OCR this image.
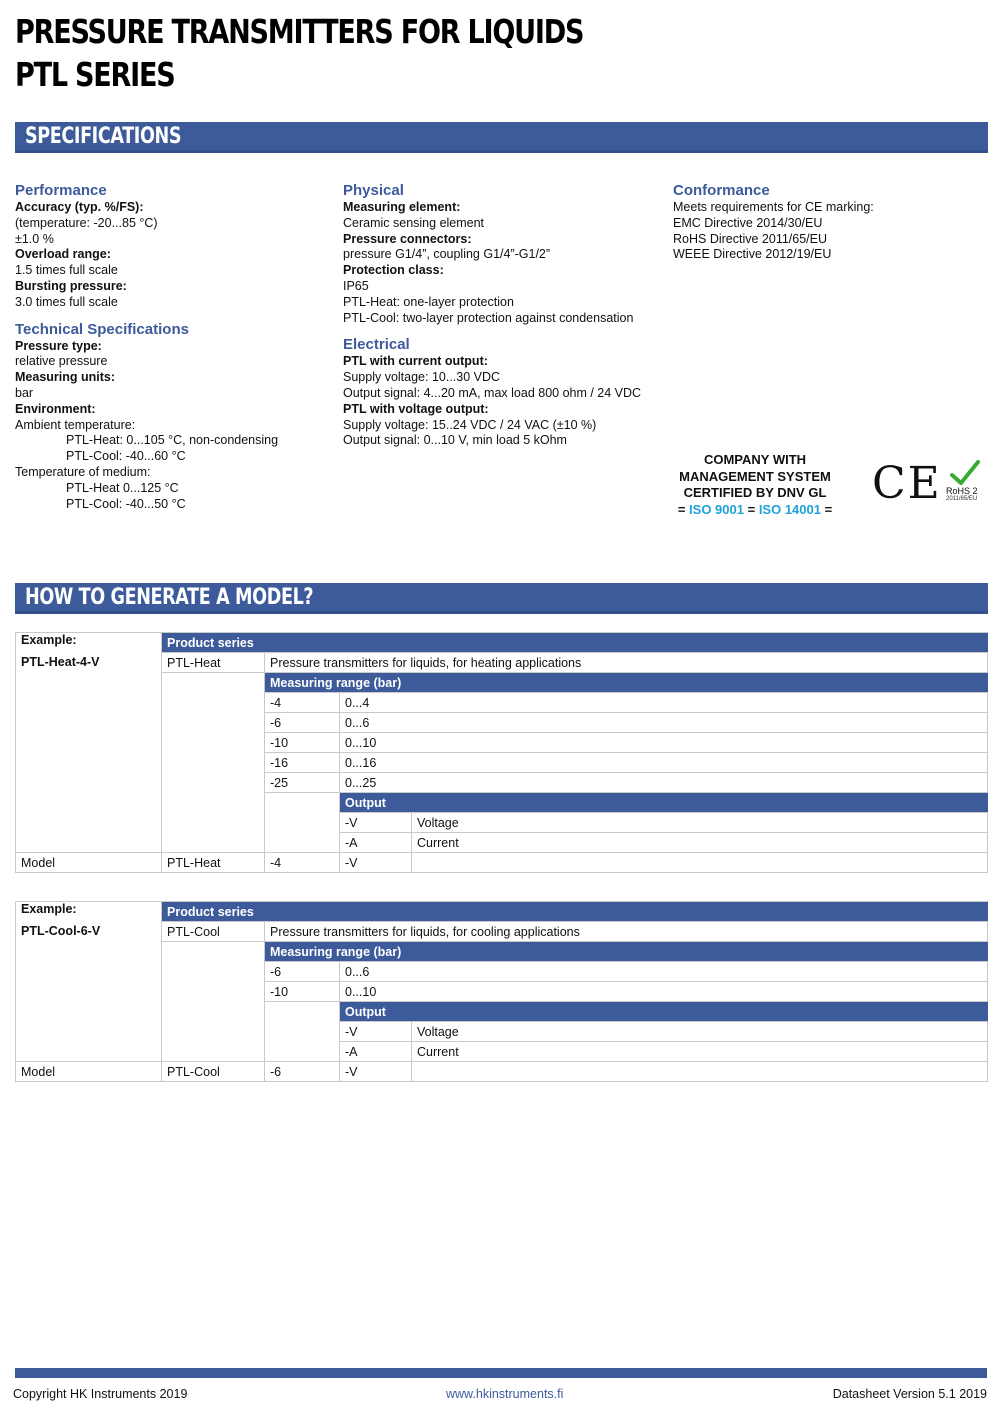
PRESSURE TRANSMITTERS FOR LIQUIDS
PTL SERIES
SPECIFICATIONS
Performance
Accuracy (typ. %/FS):
(temperature: -20...85 °C)
±1.0 %
Overload range:
1.5 times full scale
Bursting pressure:
3.0 times full scale
Technical Specifications
Pressure type:
relative pressure
Measuring units:
bar
Environment:
Ambient temperature:
PTL-Heat: 0...105 °C, non-condensing
PTL-Cool: -40...60 °C
Temperature of medium:
PTL-Heat 0...125 °C
PTL-Cool: -40...50 °C
Physical
Measuring element:
Ceramic sensing element
Pressure connectors:
pressure G1/4”, coupling G1/4”-G1/2”
Protection class:
IP65
PTL-Heat: one-layer protection
PTL-Cool: two-layer protection against condensation
Electrical
PTL with current output:
Supply voltage: 10...30 VDC
Output signal: 4...20 mA, max load 800 ohm / 24 VDC
PTL with voltage output:
Supply voltage: 15..24 VDC / 24 VAC (±10 %)
Output signal: 0...10 V, min load 5 kOhm
Conformance
Meets requirements for CE marking:
EMC Directive 2014/30/EU
RoHS Directive 2011/65/EU
WEEE Directive 2012/19/EU
COMPANY WITH
MANAGEMENT SYSTEM
CERTIFIED BY DNV GL
= ISO 9001 = ISO 14001 = CE RoHS 2
2011/65/EU
HOW TO GENERATE A MODEL?
Example:	Product series			
PTL-Heat-4-V	PTL-Heat	Pressure transmitters for liquids, for heating applications		
		Measuring range (bar)		
		-4	0...4	
		-6	0...6	
		-10	0...10	
		-16	0...16	
		-25	0...25	
			Output	
			-V	Voltage
			-A	Current
Model	PTL-Heat	-4	-V	
Example:	Product series			
PTL-Cool-6-V	PTL-Cool	Pressure transmitters for liquids, for cooling applications		
		Measuring range (bar)		
		-6	0...6	
		-10	0...10	
			Output	
			-V	Voltage
			-A	Current
Model	PTL-Cool	-6	-V	
Copyright HK Instruments 2019	www.hkinstruments.fi	Datasheet Version 5.1 2019
